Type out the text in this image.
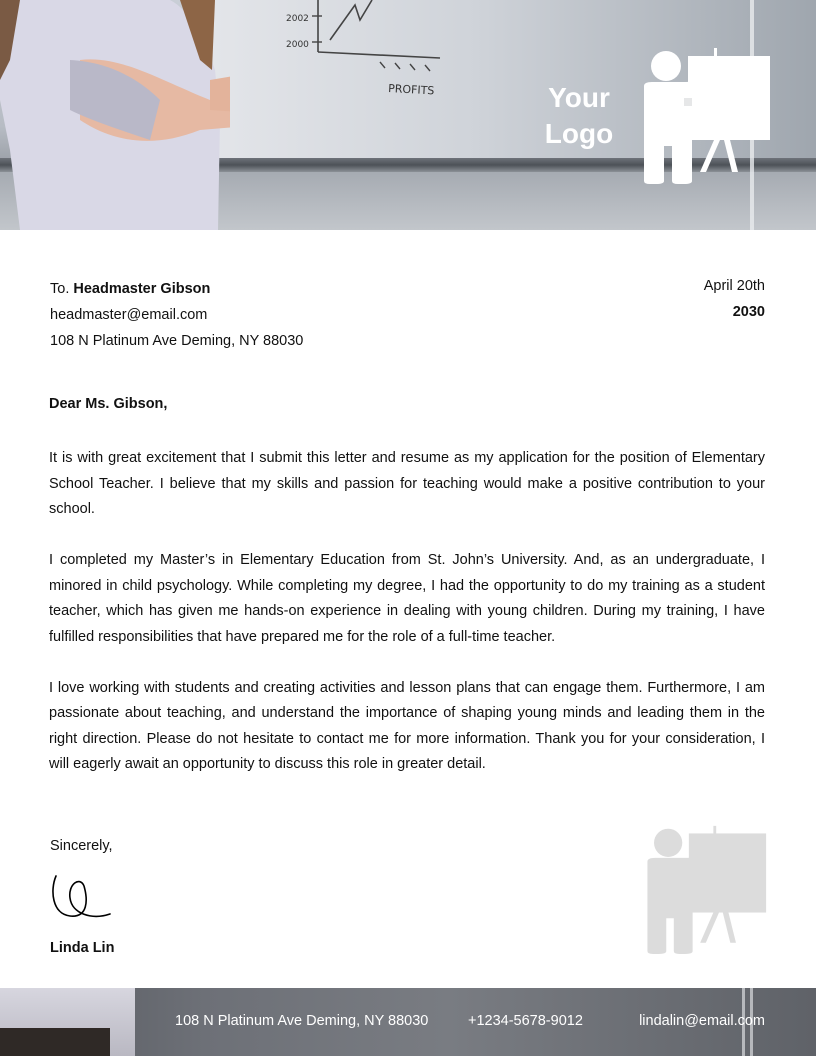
2002
2000
PROFITS	Your Logo
To. Headmaster Gibson
headmaster@email.com
108 N Platinum Ave Deming, NY 88030
April 20th
2030
Dear Ms. Gibson,

It is with great excitement that I submit this letter and resume as my application for the position of Elementary School Teacher. I believe that my skills and passion for teaching would make a positive contribution to your school.

I completed my Master’s in Elementary Education from St. John’s University. And, as an undergraduate, I minored in child psychology. While completing my degree, I had the opportunity to do my training as a student teacher, which has given me hands-on experience in dealing with young children. During my training, I have fulfilled responsibilities that have prepared me for the role of a full-time teacher.

I love working with students and creating activities and lesson plans that can engage them. Furthermore, I am passionate about teaching, and understand the importance of shaping young minds and leading them in the right direction. Please do not hesitate to contact me for more information. Thank you for your consideration, I will eagerly await an opportunity to discuss this role in greater detail.

Sincerely,
Linda Lin
108 N Platinum Ave Deming, NY 88030	+1234-5678-9012	lindalin@email.com
